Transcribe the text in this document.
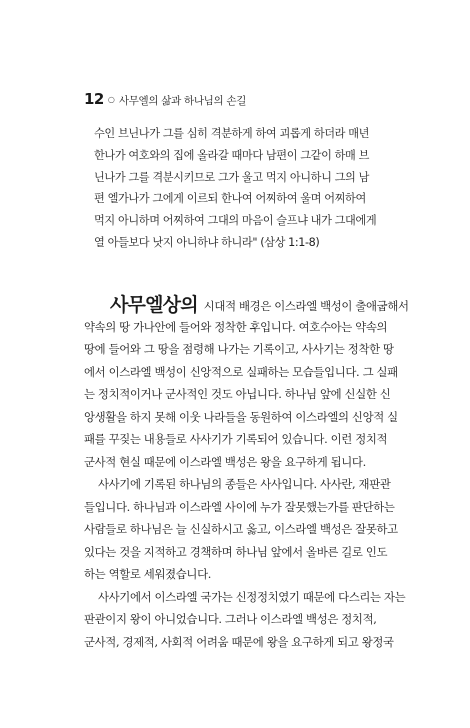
12 ○ 사무엘의 삶과 하나님의 손길
수인 브닌나가 그를 심히 격분하게 하여 괴롭게 하더라 매년
한나가 여호와의 집에 올라갈 때마다 남편이 그같이 하매 브
닌나가 그를 격분시키므로 그가 울고 먹지 아니하니 그의 남
편 엘가나가 그에게 이르되 한나여 어찌하여 울며 어찌하여
먹지 아니하며 어찌하여 그대의 마음이 슬프냐 내가 그대에게
열 아들보다 낫지 아니하냐 하니라" (삼상 1:1-8)
사무엘상의 시대적 배경은 이스라엘 백성이 출애굽해서
약속의 땅 가나안에 들어와 정착한 후입니다. 여호수아는 약속의
땅에 들어와 그 땅을 점령해 나가는 기록이고, 사사기는 정착한 땅
에서 이스라엘 백성이 신앙적으로 실패하는 모습들입니다. 그 실패
는 정치적이거나 군사적인 것도 아닙니다. 하나님 앞에 신실한 신
앙생활을 하지 못해 이웃 나라들을 동원하여 이스라엘의 신앙적 실
패를 꾸짖는 내용들로 사사기가 기록되어 있습니다. 이런 정치적
군사적 현실 때문에 이스라엘 백성은 왕을 요구하게 됩니다.
사사기에 기록된 하나님의 종들은 사사입니다. 사사란, 재판관
들입니다. 하나님과 이스라엘 사이에 누가 잘못했는가를 판단하는
사람들로 하나님은 늘 신실하시고 옳고, 이스라엘 백성은 잘못하고
있다는 것을 지적하고 경책하며 하나님 앞에서 올바른 길로 인도
하는 역할로 세워졌습니다.
사사기에서 이스라엘 국가는 신정정치였기 때문에 다스리는 자는
판관이지 왕이 아니었습니다. 그러나 이스라엘 백성은 정치적,
군사적, 경제적, 사회적 어려움 때문에 왕을 요구하게 되고 왕정국
